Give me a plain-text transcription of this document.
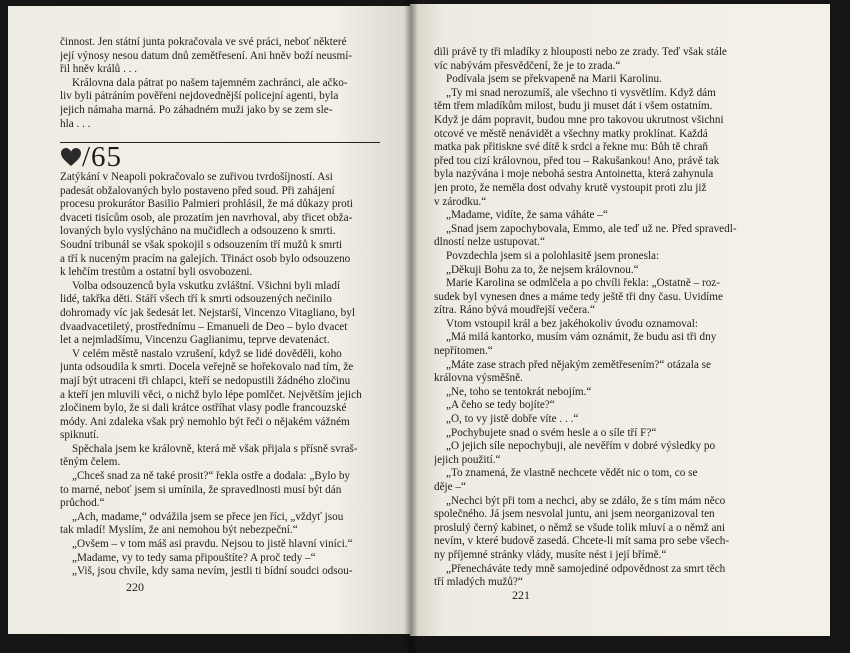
činnost. Jen státní junta pokračovala ve své práci, neboť některé
její výnosy nesou datum dnů zemětřesení. Ani hněv boží neusmí-
řil hněv králů . . .
Královna dala pátrat po našem tajemném zachránci, ale ačko-
liv byli pátráním pověřeni nejdovednější policejní agenti, byla
jejich námaha marná. Po záhadném muži jako by se zem sle-
hla . . .
/65
Zatýkání v Neapoli pokračovalo se zuřivou tvrdošíjností. Asi
padesát obžalovaných bylo postaveno před soud. Při zahájení
procesu prokurátor Basilio Palmieri prohlásil, že má důkazy proti
dvaceti tisícům osob, ale prozatím jen navrhoval, aby třicet obža-
lovaných bylo vyslýcháno na mučidlech a odsouzeno k smrti.
Soudní tribunál se však spokojil s odsouzením tří mužů k smrti
a tří k nuceným pracím na galejích. Třináct osob bylo odsouzeno
k lehčím trestům a ostatní byli osvobozeni.
Volba odsouzenců byla vskutku zvláštní. Všichni byli mladí
lidé, takřka děti. Stáří všech tří k smrti odsouzených nečinilo
dohromady víc jak šedesát let. Nejstarší, Vincenzo Vitagliano, byl
dvaadvacetiletý, prostřednímu – Emanueli de Deo – bylo dvacet
let a nejmladšímu, Vincenzu Gaglianimu, teprve devatenáct.
V celém městě nastalo vzrušení, když se lidé dověděli, koho
junta odsoudila k smrti. Docela veřejně se hořekovalo nad tím, že
mají být utraceni tři chlapci, kteří se nedopustili žádného zločinu
a kteří jen mluvili věci, o nichž bylo lépe pomlčet. Největším jejich
zločinem bylo, že si dali krátce ostříhat vlasy podle francouzské
módy. Ani zdaleka však prý nemohlo být řeči o nějakém vážném
spiknutí.
Spěchala jsem ke královně, která mě však přijala s přísně svraš-
těným čelem.
„Chceš snad za ně také prosit?“ řekla ostře a dodala: „Bylo by
to marné, neboť jsem si umínila, že spravedlnosti musí být dán
průchod.“
„Ach, madame,“ odvážila jsem se přece jen říci, „vždyť jsou
tak mladí! Myslím, že ani nemohou být nebezpeční.“
„Ovšem – v tom máš asi pravdu. Nejsou to jistě hlavní viníci.“
„Madame, vy to tedy sama připouštíte? A proč tedy –“
„Viš, jsou chvíle, kdy sama nevím, jestli ti bídní soudci odsou-
220
dili právě ty tři mladíky z hlouposti nebo ze zrady. Teď však stále
víc nabývám přesvědčení, že je to zrada.“
Podívala jsem se překvapeně na Marii Karolinu.
„Ty mi snad nerozumíš, ale všechno ti vysvětlím. Když dám
těm třem mladíkům milost, budu ji muset dát i všem ostatním.
Když je dám popravit, budou mne pro takovou ukrutnost všichni
otcové ve městě nenávidět a všechny matky proklínat. Každá
matka pak přitiskne své dítě k srdci a řekne mu: Bůh tě chraň
před tou cizí královnou, před tou – Rakušankou! Ano, právě tak
byla nazývána i moje nebohá sestra Antoinetta, která zahynula
jen proto, že neměla dost odvahy krutě vystoupit proti zlu již
v zárodku.“
„Madame, vidíte, že sama váháte –“
„Snad jsem zapochybovala, Emmo, ale teď už ne. Před spravedl-
dlností nelze ustupovat.“
Povzdechla jsem si a polohlasitě jsem pronesla:
„Děkuji Bohu za to, že nejsem královnou.“
Marie Karolina se odmlčela a po chvíli řekla: „Ostatně – roz-
sudek byl vynesen dnes a máme tedy ještě tři dny času. Uvidíme
zítra. Ráno bývá moudřejší večera.“
Vtom vstoupil král a bez jakéhokoliv úvodu oznamoval:
„Má milá kantorko, musím vám oznámit, že budu asi tři dny
nepřítomen.“
„Máte zase strach před nějakým zemětřesením?“ otázala se
královna výsměšně.
„Ne, toho se tentokrát nebojím.“
„A čeho se tedy bojíte?“
„Ó, to vy jistě dobře víte . . .“
„Pochybujete snad o svém hesle a o síle tří F?“
„O jejich síle nepochybuji, ale nevěřím v dobré výsledky po
jejich použití.“
„To znamená, že vlastně nechcete vědět nic o tom, co se
děje –“
„Nechci být při tom a nechci, aby se zdálo, že s tím mám něco
společného. Já jsem nesvolal juntu, ani jsem neorganizoval ten
proslulý černý kabinet, o němž se všude tolik mluví a o němž ani
nevím, v které budově zasedá. Chcete-li mít sama pro sebe všech-
ny příjemné stránky vlády, musíte nést i její břímě.“
„Přenecháváte tedy mně samojediné odpovědnost za smrt těch
tří mladých mužů?“
221
